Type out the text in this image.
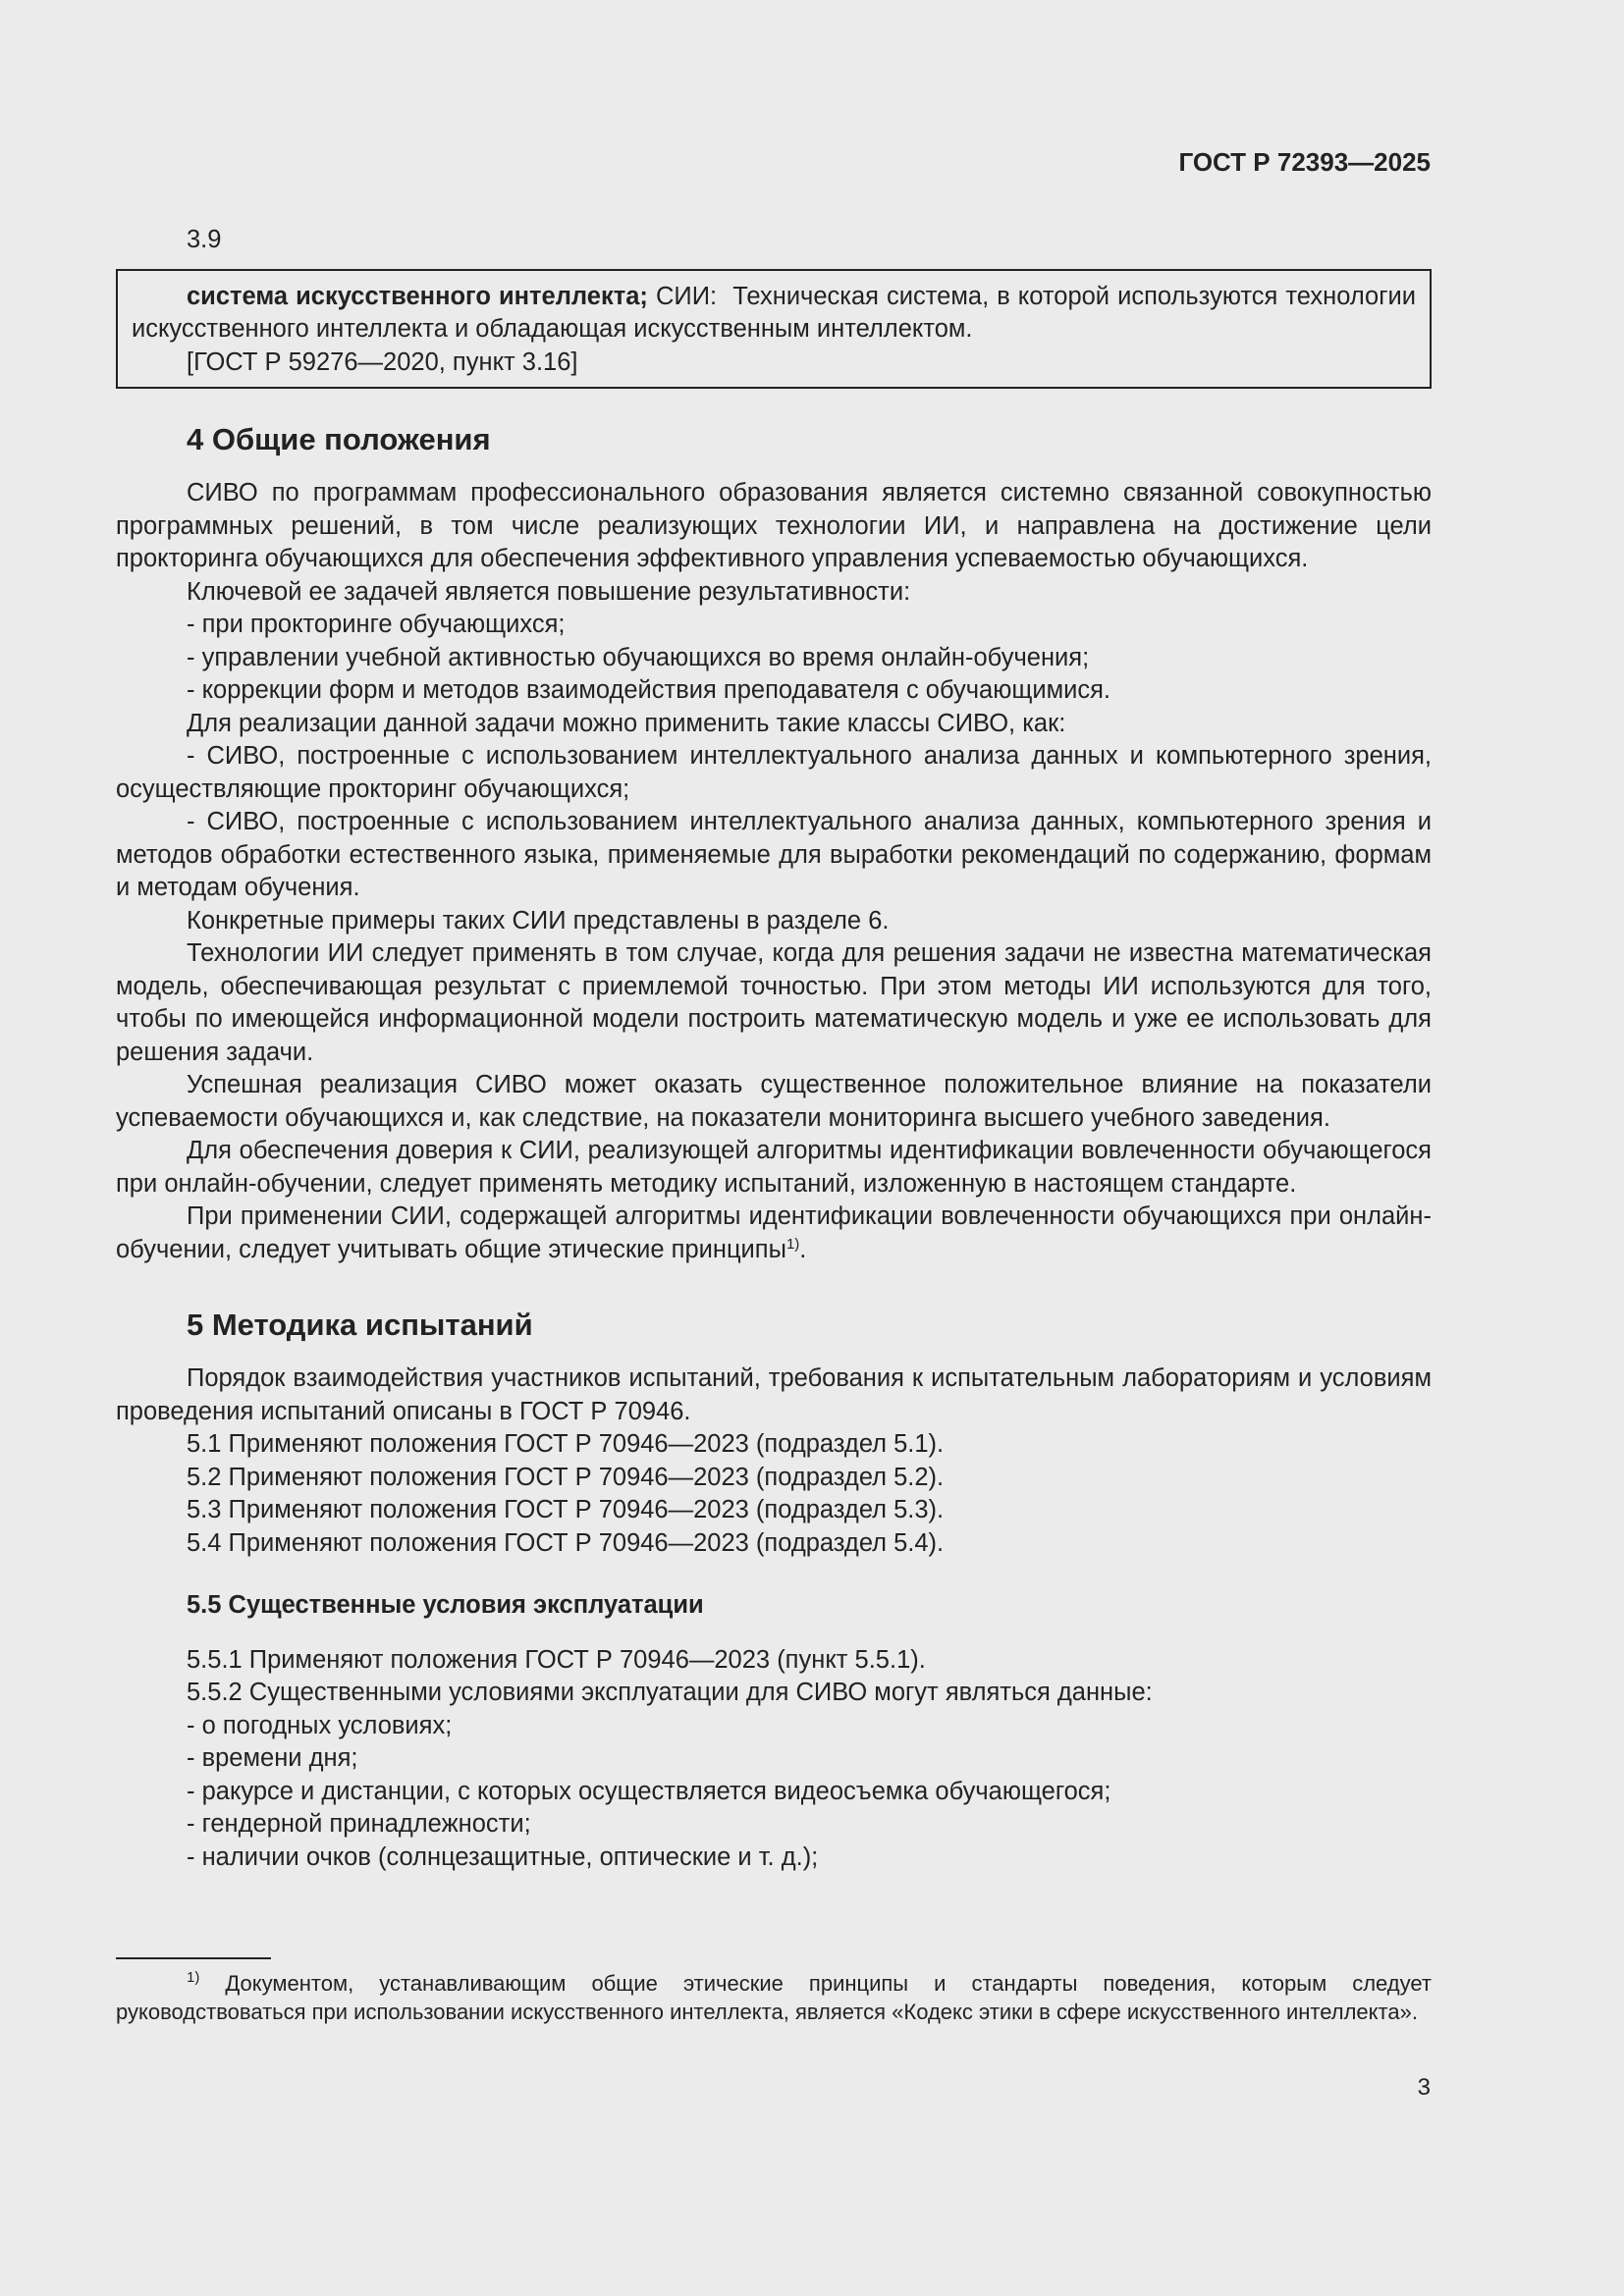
ГОСТ Р 72393—2025

3.9

система искусственного интеллекта; СИИ: Техническая система, в которой используются технологии искусственного интеллекта и обладающая искусственным интеллектом.

[ГОСТ Р 59276—2020, пункт 3.16]

4 Общие положения

СИВО по программам профессионального образования является системно связанной совокупностью программных решений, в том числе реализующих технологии ИИ, и направлена на достижение цели прокторинга обучающихся для обеспечения эффективного управления успеваемостью обучающихся.

Ключевой ее задачей является повышение результативности:

- при прокторинге обучающихся;

- управлении учебной активностью обучающихся во время онлайн-обучения;

- коррекции форм и методов взаимодействия преподавателя с обучающимися.

Для реализации данной задачи можно применить такие классы СИВО, как:

- СИВО, построенные с использованием интеллектуального анализа данных и компьютерного зрения, осуществляющие прокторинг обучающихся;

- СИВО, построенные с использованием интеллектуального анализа данных, компьютерного зрения и методов обработки естественного языка, применяемые для выработки рекомендаций по содержанию, формам и методам обучения.

Конкретные примеры таких СИИ представлены в разделе 6.

Технологии ИИ следует применять в том случае, когда для решения задачи не известна математическая модель, обеспечивающая результат с приемлемой точностью. При этом методы ИИ используются для того, чтобы по имеющейся информационной модели построить математическую модель и уже ее использовать для решения задачи.

Успешная реализация СИВО может оказать существенное положительное влияние на показатели успеваемости обучающихся и, как следствие, на показатели мониторинга высшего учебного заведения.

Для обеспечения доверия к СИИ, реализующей алгоритмы идентификации вовлеченности обучающегося при онлайн-обучении, следует применять методику испытаний, изложенную в настоящем стандарте.

При применении СИИ, содержащей алгоритмы идентификации вовлеченности обучающихся при онлайн-обучении, следует учитывать общие этические принципы$^{1)}$.

5 Методика испытаний

Порядок взаимодействия участников испытаний, требования к испытательным лабораториям и условиям проведения испытаний описаны в ГОСТ Р 70946.

5.1 Применяют положения ГОСТ Р 70946—2023 (подраздел 5.1).

5.2 Применяют положения ГОСТ Р 70946—2023 (подраздел 5.2).

5.3 Применяют положения ГОСТ Р 70946—2023 (подраздел 5.3).

5.4 Применяют положения ГОСТ Р 70946—2023 (подраздел 5.4).

5.5 Существенные условия эксплуатации

5.5.1 Применяют положения ГОСТ Р 70946—2023 (пункт 5.5.1).

5.5.2 Существенными условиями эксплуатации для СИВО могут являться данные:

- о погодных условиях;

- времени дня;

- ракурсе и дистанции, с которых осуществляется видеосъемка обучающегося;

- гендерной принадлежности;

- наличии очков (солнцезащитные, оптические и т. д.);

$^{1)}$ Документом, устанавливающим общие этические принципы и стандарты поведения, которым следует руководствоваться при использовании искусственного интеллекта, является «Кодекс этики в сфере искусственного интеллекта».

3
